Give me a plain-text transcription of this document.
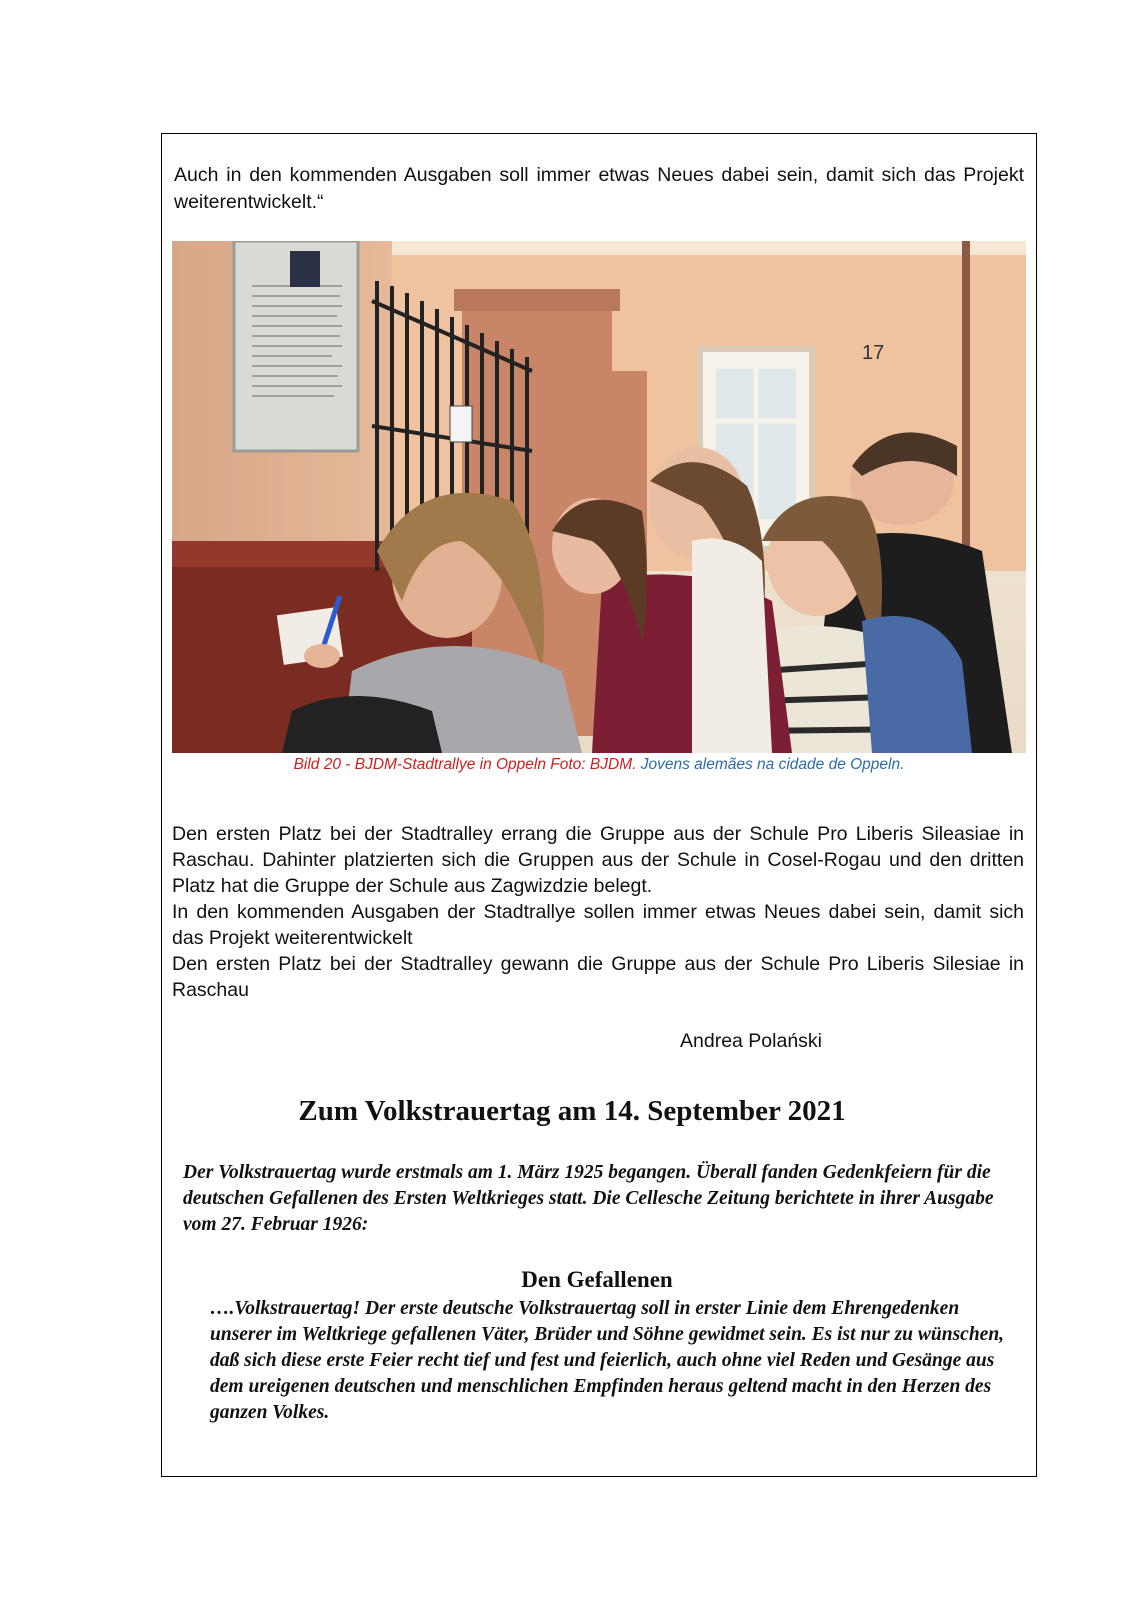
Auch in den kommenden Ausgaben soll immer etwas Neues dabei sein, damit sich das Projekt weiterentwickelt.“
17
Bild 20 - BJDM-Stadtrallye in Oppeln Foto: BJDM. Jovens alemães na cidade de Oppeln.

Den ersten Platz bei der Stadtralley errang die Gruppe aus der Schule Pro Liberis Sileasiae in Raschau. Dahinter platzierten sich die Gruppen aus der Schule in Cosel-Rogau und den dritten Platz hat die Gruppe der Schule aus Zagwizdzie belegt.

In den kommenden Ausgaben der Stadtrallye sollen immer etwas Neues dabei sein, damit sich das Projekt weiterentwickelt

Den ersten Platz bei der Stadtralley gewann die Gruppe aus der Schule Pro Liberis Silesiae in Raschau

Andrea Polański
Zum Volkstrauertag am 14. September 2021
Der Volkstrauertag wurde erstmals am 1. März 1925 begangen. Überall fanden Gedenkfeiern für die deutschen Gefallenen des Ersten Weltkrieges statt. Die Cellesche Zeitung berichtete in ihrer Ausgabe vom 27. Februar 1926:
Den Gefallenen
….Volkstrauertag! Der erste deutsche Volkstrauertag soll in erster Linie dem Ehrengedenken unserer im Weltkriege gefallenen Väter, Brüder und Söhne gewidmet sein. Es ist nur zu wünschen, daß sich diese erste Feier recht tief und fest und feierlich, auch ohne viel Reden und Gesänge aus dem ureigenen deutschen und menschlichen Empfinden heraus geltend macht in den Herzen des ganzen Volkes.
